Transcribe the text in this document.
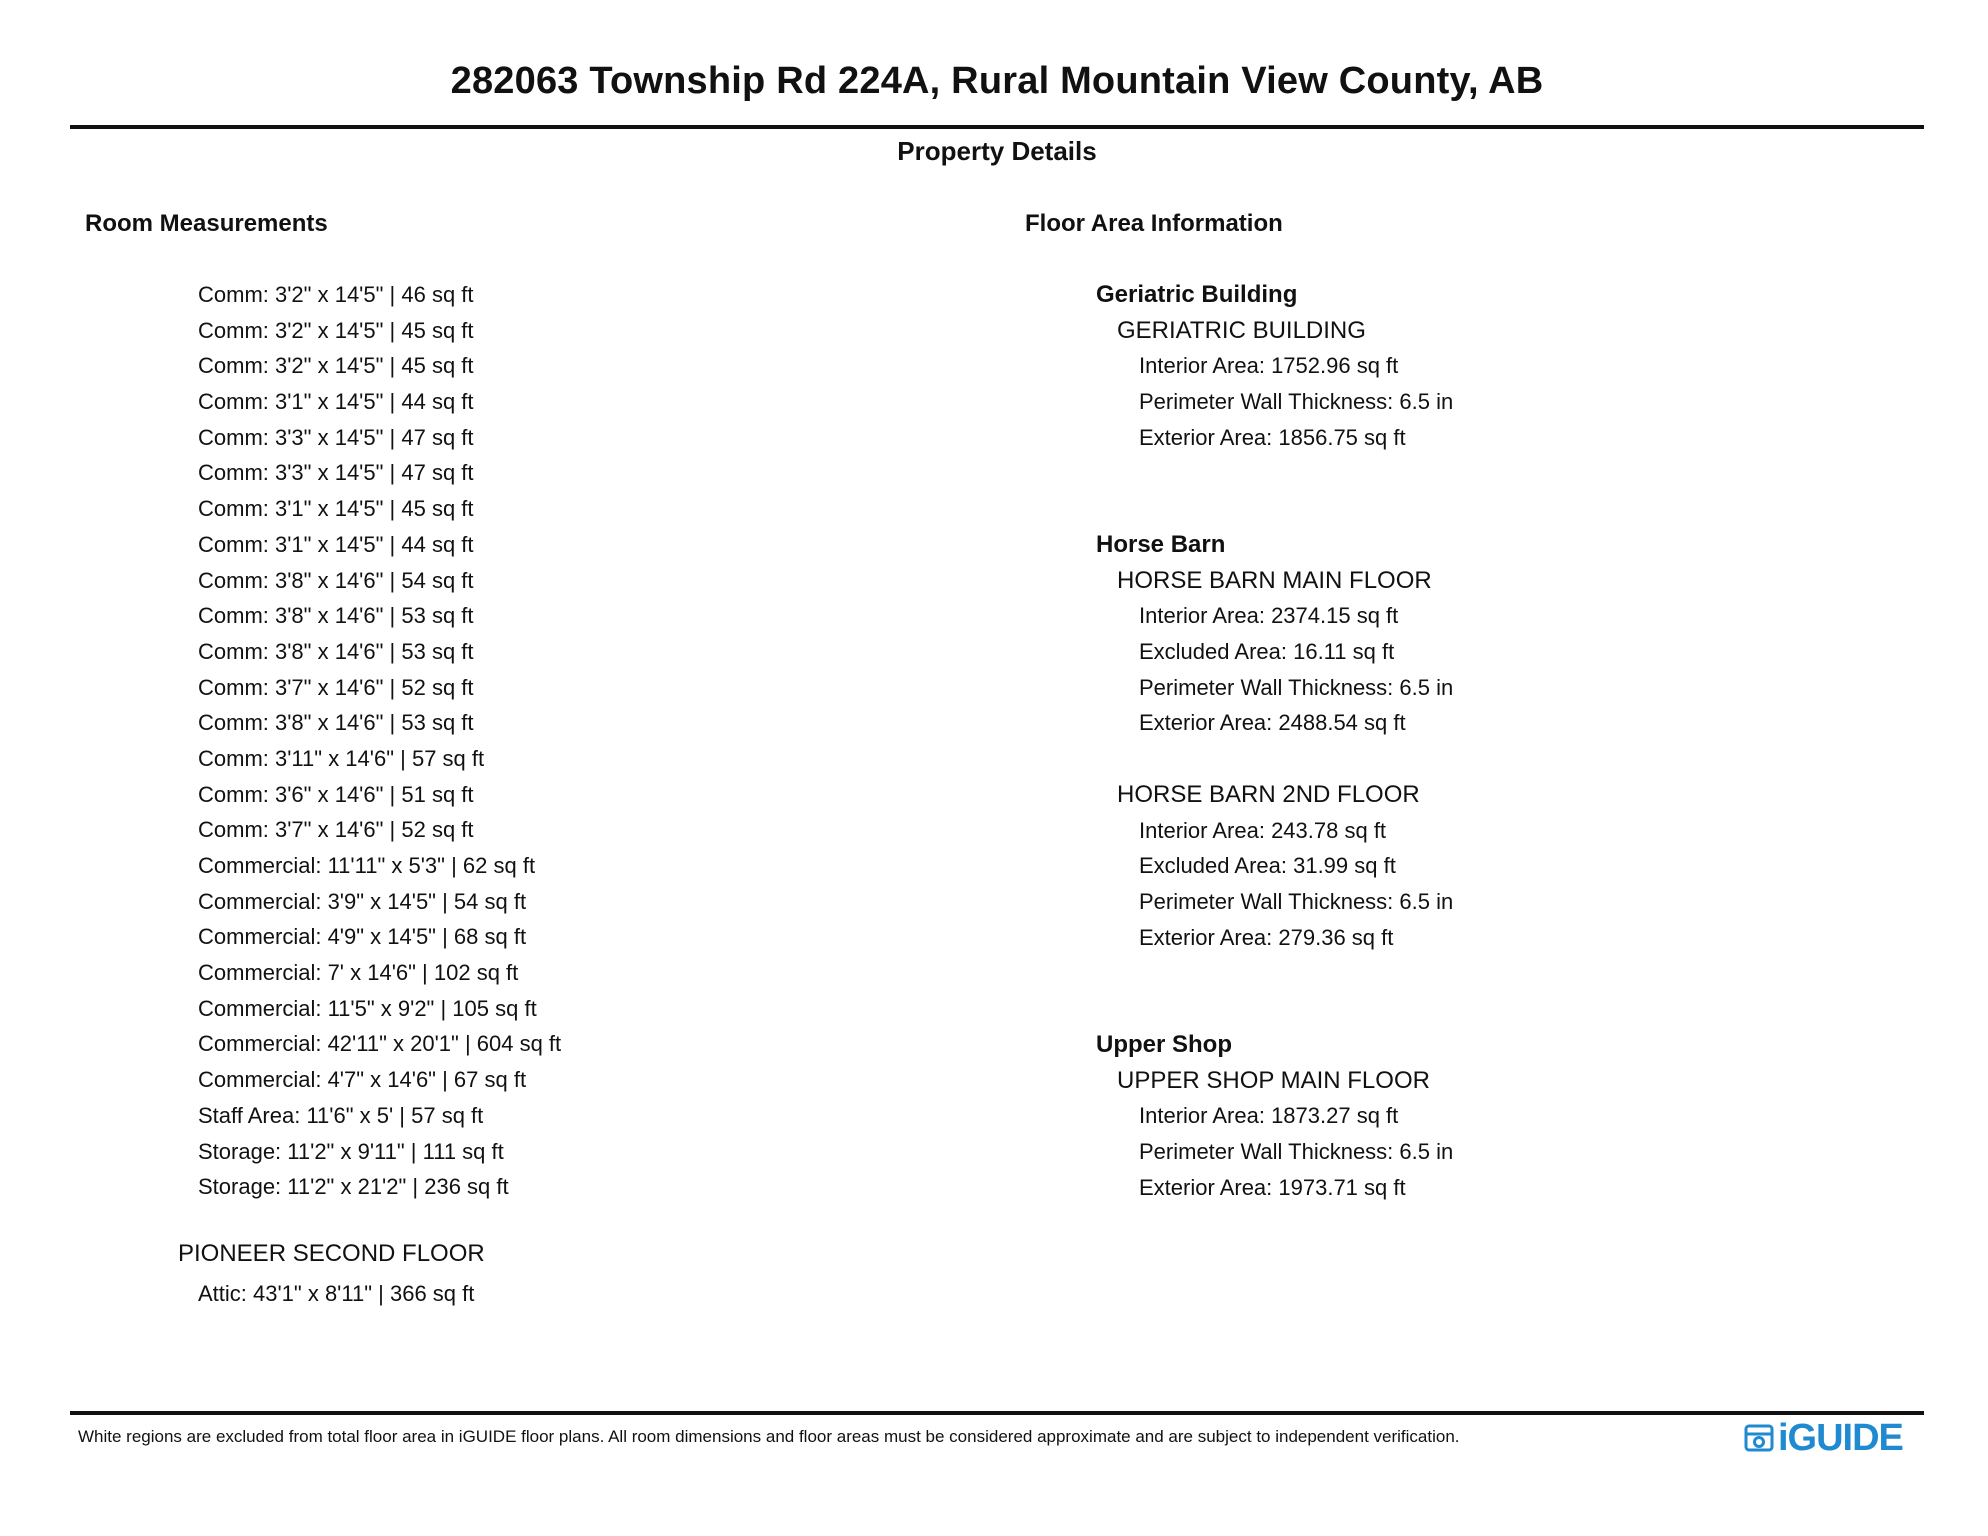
282063 Township Rd 224A, Rural Mountain View County, AB
Property Details
Room Measurements
Comm: 3'2" x 14'5" | 46 sq ft
Comm: 3'2" x 14'5" | 45 sq ft
Comm: 3'2" x 14'5" | 45 sq ft
Comm: 3'1" x 14'5" | 44 sq ft
Comm: 3'3" x 14'5" | 47 sq ft
Comm: 3'3" x 14'5" | 47 sq ft
Comm: 3'1" x 14'5" | 45 sq ft
Comm: 3'1" x 14'5" | 44 sq ft
Comm: 3'8" x 14'6" | 54 sq ft
Comm: 3'8" x 14'6" | 53 sq ft
Comm: 3'8" x 14'6" | 53 sq ft
Comm: 3'7" x 14'6" | 52 sq ft
Comm: 3'8" x 14'6" | 53 sq ft
Comm: 3'11" x 14'6" | 57 sq ft
Comm: 3'6" x 14'6" | 51 sq ft
Comm: 3'7" x 14'6" | 52 sq ft
Commercial: 11'11" x 5'3" | 62 sq ft
Commercial: 3'9" x 14'5" | 54 sq ft
Commercial: 4'9" x 14'5" | 68 sq ft
Commercial: 7' x 14'6" | 102 sq ft
Commercial: 11'5" x 9'2" | 105 sq ft
Commercial: 42'11" x 20'1" | 604 sq ft
Commercial: 4'7" x 14'6" | 67 sq ft
Staff Area: 11'6" x 5' | 57 sq ft
Storage: 11'2" x 9'11" | 111 sq ft
Storage: 11'2" x 21'2" | 236 sq ft
PIONEER SECOND FLOOR
Attic: 43'1" x 8'11" | 366 sq ft
Floor Area Information
Geriatric Building
GERIATRIC BUILDING
Interior Area: 1752.96 sq ft
Perimeter Wall Thickness: 6.5 in
Exterior Area: 1856.75 sq ft
Horse Barn
HORSE BARN MAIN FLOOR
Interior Area: 2374.15 sq ft
Excluded Area: 16.11 sq ft
Perimeter Wall Thickness: 6.5 in
Exterior Area: 2488.54 sq ft
HORSE BARN 2ND FLOOR
Interior Area: 243.78 sq ft
Excluded Area: 31.99 sq ft
Perimeter Wall Thickness: 6.5 in
Exterior Area: 279.36 sq ft
Upper Shop
UPPER SHOP MAIN FLOOR
Interior Area: 1873.27 sq ft
Perimeter Wall Thickness: 6.5 in
Exterior Area: 1973.71 sq ft
White regions are excluded from total floor area in iGUIDE floor plans. All room dimensions and floor areas must be considered approximate and are subject to independent verification.	iGUIDE
